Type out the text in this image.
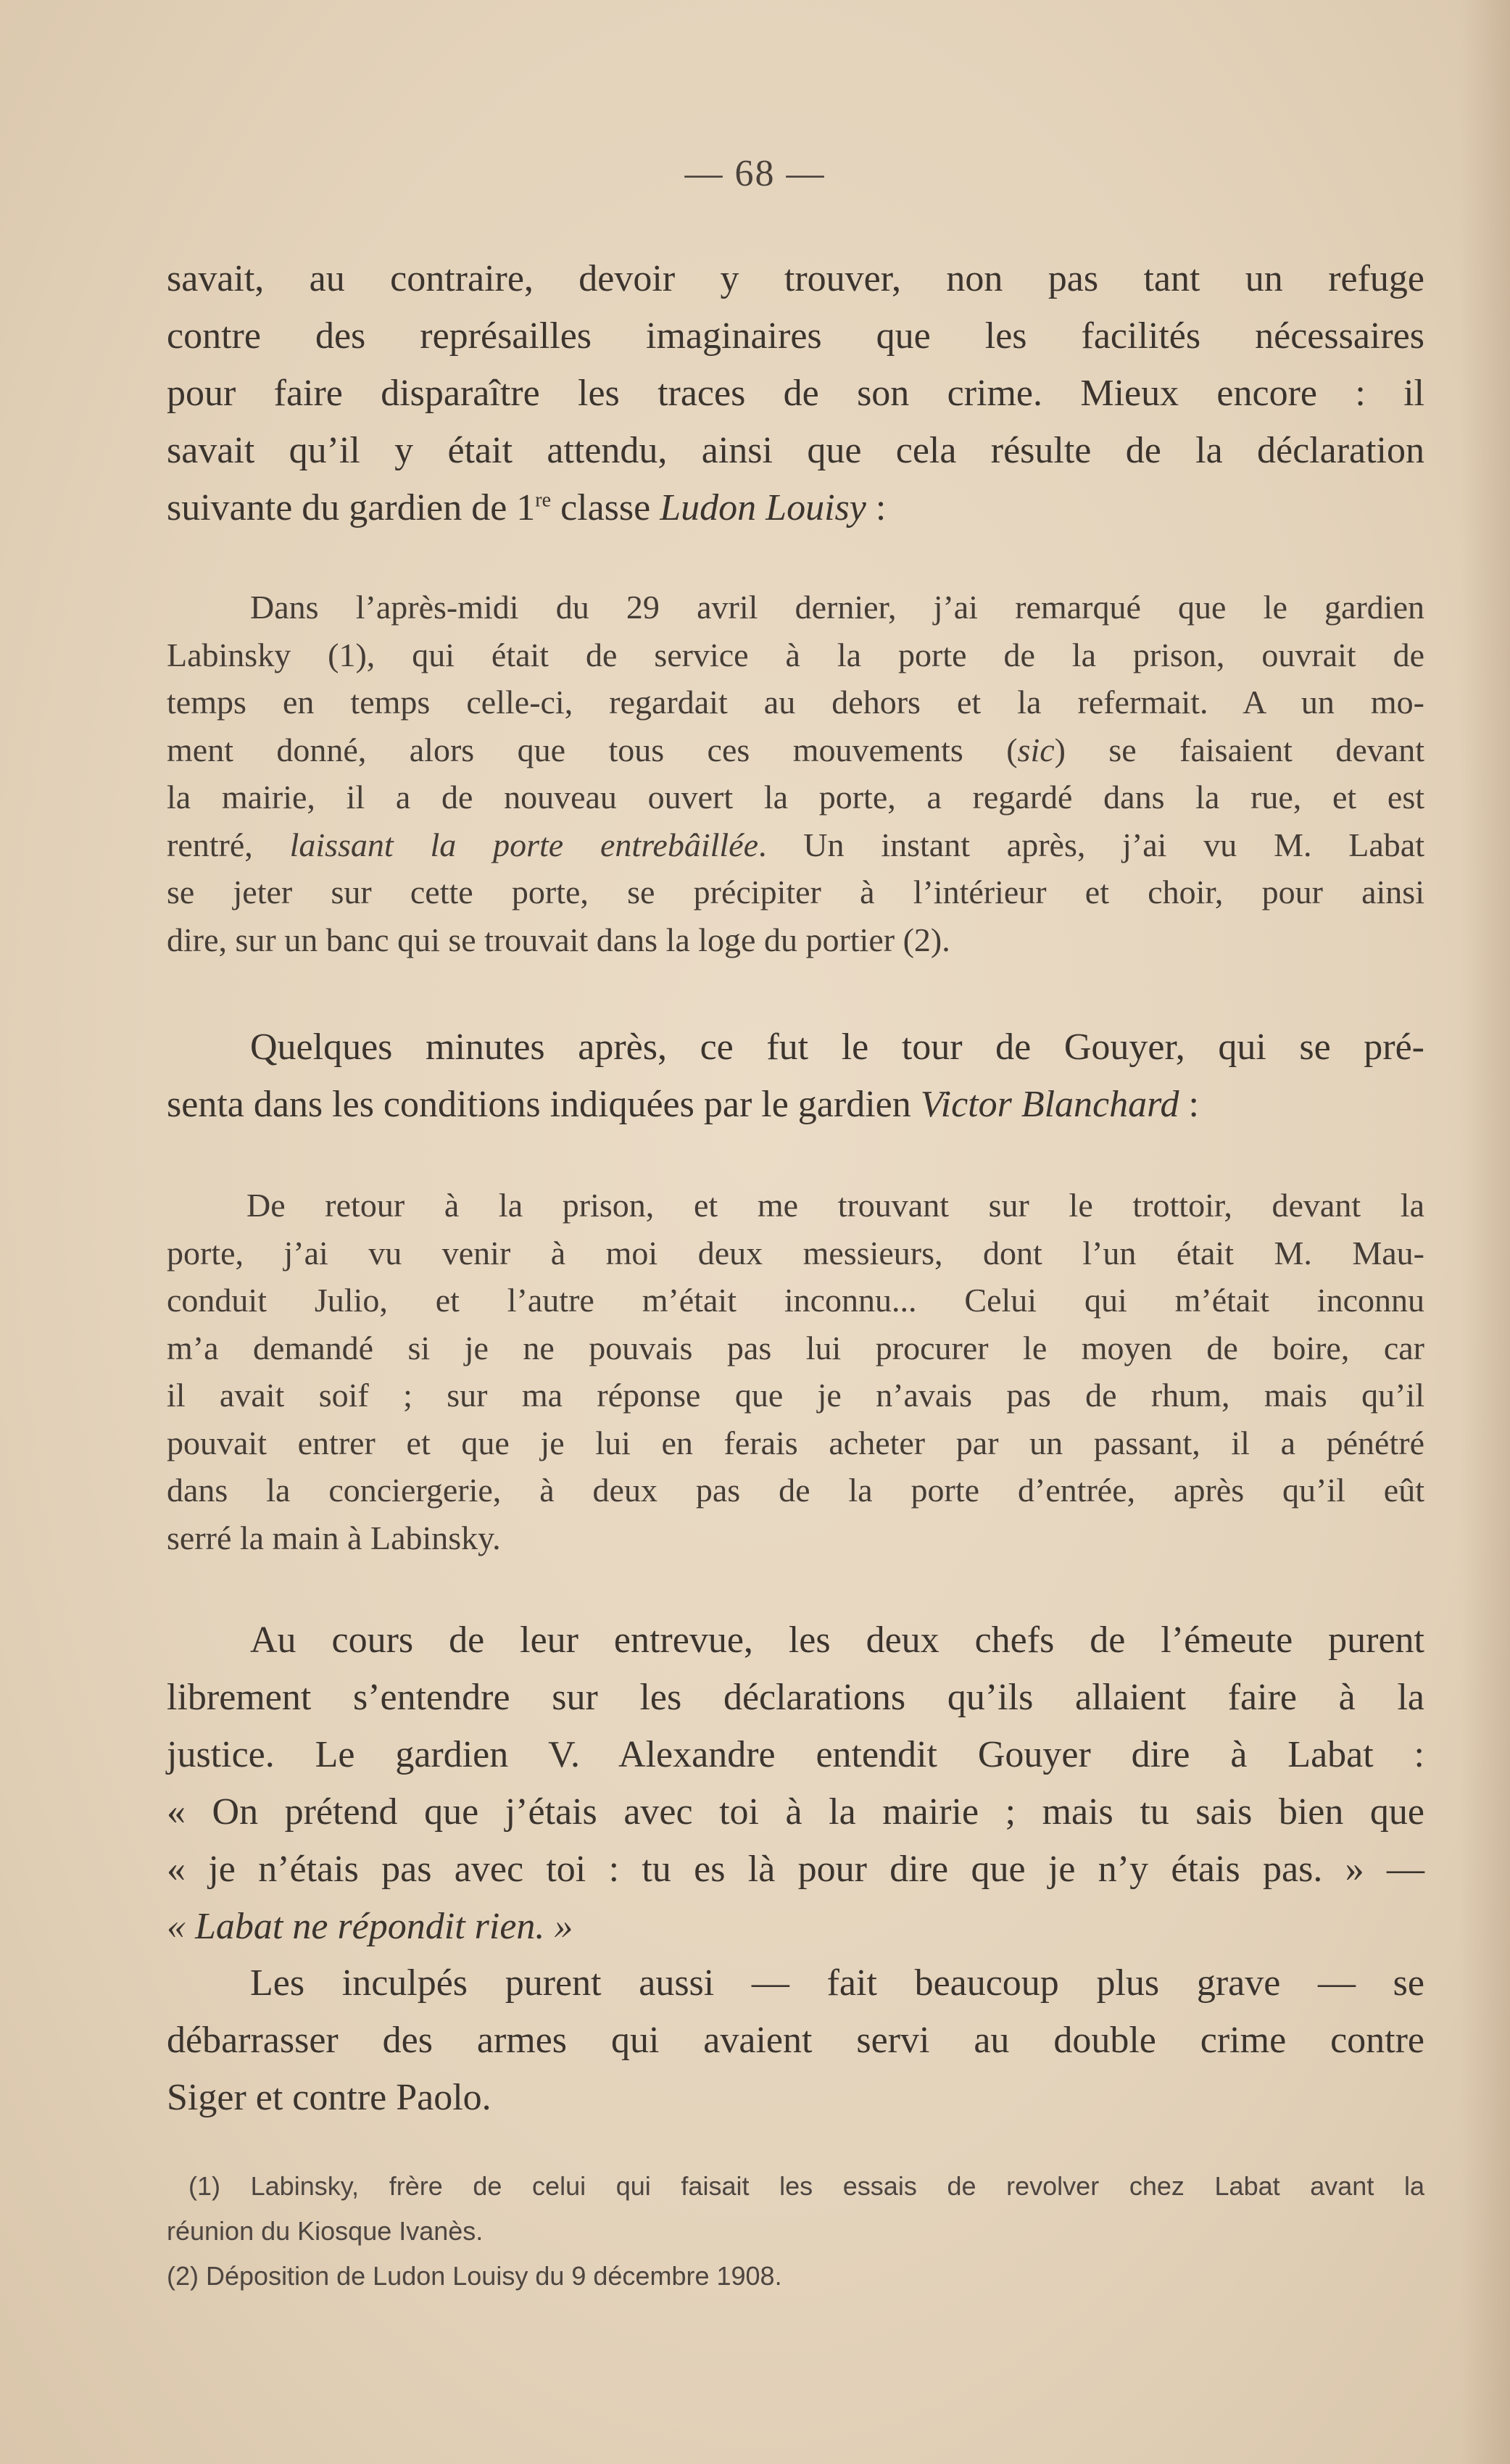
— 68 —
savait, au contraire, devoir y trouver, non pas tant un refuge
contre des représailles imaginaires que les facilités nécessaires
pour faire disparaître les traces de son crime. Mieux encore : il
savait qu’il y était attendu, ainsi que cela résulte de la déclaration
suivante du gardien de 1re classe Ludon Louisy :
Dans l’après-midi du 29 avril dernier, j’ai remarqué que le gardien
Labinsky (1), qui était de service à la porte de la prison, ouvrait de
temps en temps celle-ci, regardait au dehors et la refermait. A un mo-
ment donné, alors que tous ces mouvements (sic) se faisaient devant
la mairie, il a de nouveau ouvert la porte, a regardé dans la rue, et est
rentré, laissant la porte entrebâillée. Un instant après, j’ai vu M. Labat
se jeter sur cette porte, se précipiter à l’intérieur et choir, pour ainsi
dire, sur un banc qui se trouvait dans la loge du portier (2).
Quelques minutes après, ce fut le tour de Gouyer, qui se pré-
senta dans les conditions indiquées par le gardien Victor Blanchard :
De retour à la prison, et me trouvant sur le trottoir, devant la
porte, j’ai vu venir à moi deux messieurs, dont l’un était M. Mau-
conduit Julio, et l’autre m’était inconnu... Celui qui m’était inconnu
m’a demandé si je ne pouvais pas lui procurer le moyen de boire, car
il avait soif ; sur ma réponse que je n’avais pas de rhum, mais qu’il
pouvait entrer et que je lui en ferais acheter par un passant, il a pénétré
dans la conciergerie, à deux pas de la porte d’entrée, après qu’il eût
serré la main à Labinsky.
Au cours de leur entrevue, les deux chefs de l’émeute purent
librement s’entendre sur les déclarations qu’ils allaient faire à la
justice. Le gardien V. Alexandre entendit Gouyer dire à Labat :
« On prétend que j’étais avec toi à la mairie ; mais tu sais bien que
« je n’étais pas avec toi : tu es là pour dire que je n’y étais pas. » —
« Labat ne répondit rien. »
Les inculpés purent aussi — fait beaucoup plus grave — se
débarrasser des armes qui avaient servi au double crime contre
Siger et contre Paolo.
(1) Labinsky, frère de celui qui faisait les essais de revolver chez Labat avant la
réunion du Kiosque Ivanès.
(2) Déposition de Ludon Louisy du 9 décembre 1908.
